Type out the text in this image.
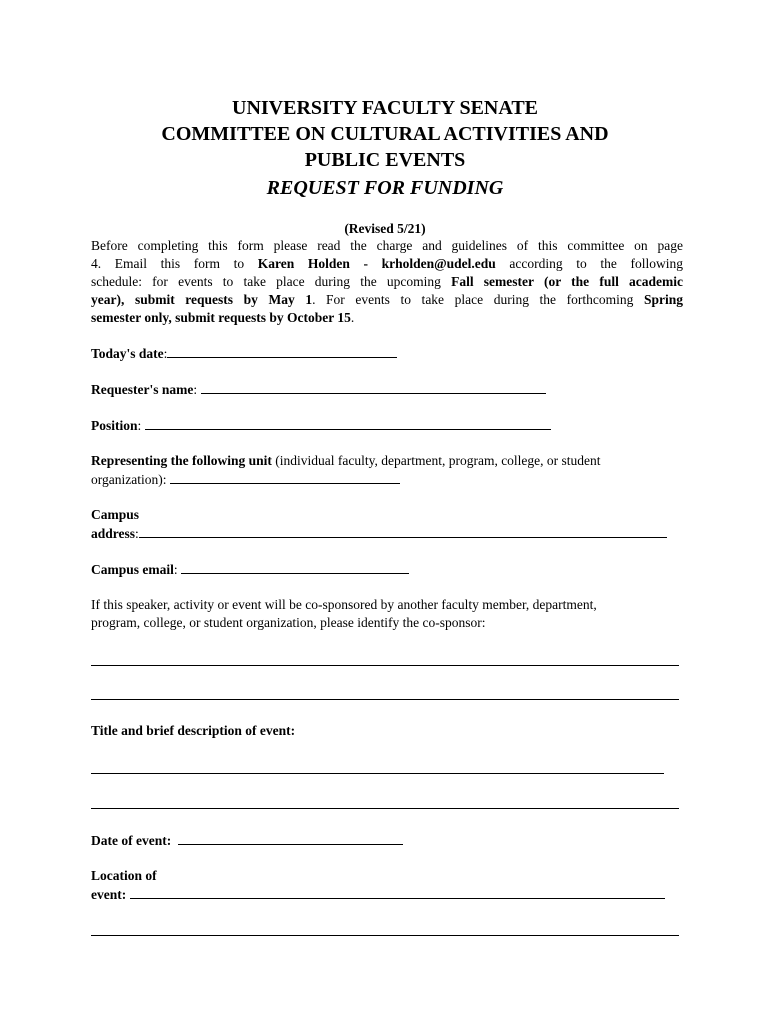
UNIVERSITY FACULTY SENATE
COMMITTEE ON CULTURAL ACTIVITIES AND
PUBLIC EVENTS
REQUEST FOR FUNDING
(Revised 5/21)
Before completing this form please read the charge and guidelines of this committee on page
4. Email this form to Karen Holden - krholden@udel.edu according to the following
schedule: for events to take place during the upcoming Fall semester (or the full academic
year), submit requests by May 1. For events to take place during the forthcoming Spring
semester only, submit requests by October 15.
Today's date:
Requester's name:
Position:
Representing the following unit (individual faculty, department, program, college, or student
organization):
Campus
address:
Campus email:
If this speaker, activity or event will be co-sponsored by another faculty member, department,
program, college, or student organization, please identify the co-sponsor:
Title and brief description of event:
Date of event:
Location of
event:
